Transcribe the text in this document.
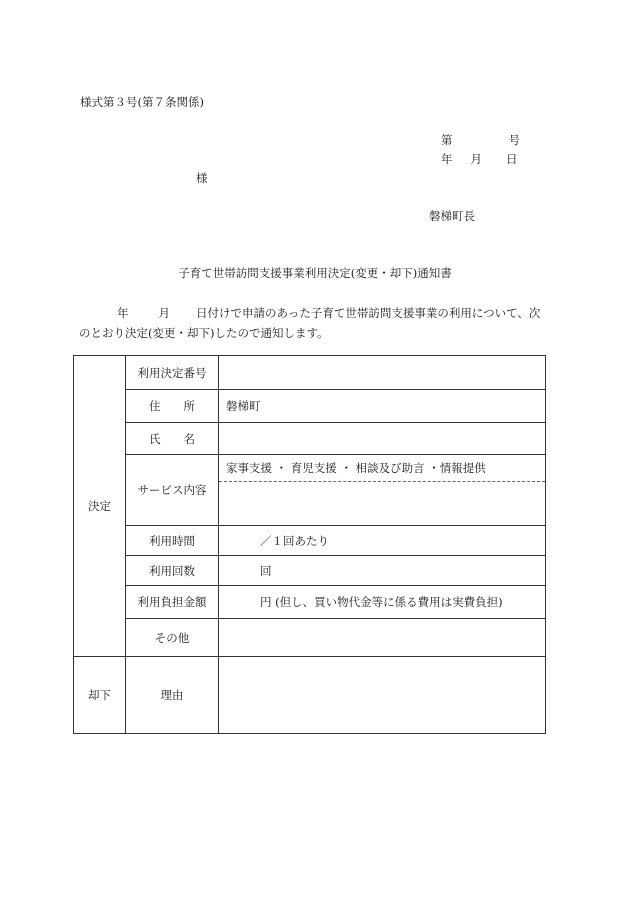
様式第３号(第７条関係)
第	号
年 月 日
様
磐梯町長
子育て世帯訪問支援事業利用決定(変更・却下)通知書
年	月 日付けで申請のあった子育て世帯訪問支援事業の利用について、次のとおり決定(変更・却下)したので通知します。
決定	利用決定番号	
	住　　所	磐梯町
	氏　　名	
	サービス内容	家事支援 ・ 育児支援 ・ 相談及び助言 ・情報提供

	利用時間	／１回あたり
	利用回数	回
	利用負担金額	円 (但し、買い物代金等に係る費用は実費負担)
	その他	
却下	理由	
